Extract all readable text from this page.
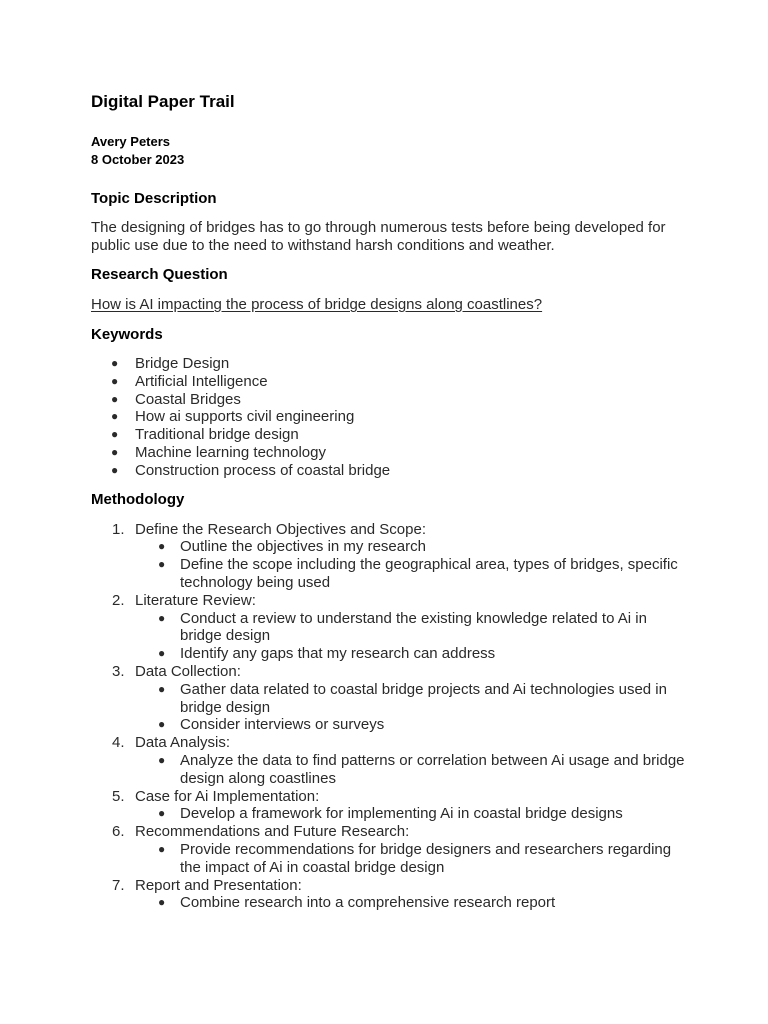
Digital Paper Trail
Avery Peters
8 October 2023
Topic Description
The designing of bridges has to go through numerous tests before being developed for public use due to the need to withstand harsh conditions and weather.
Research Question
How is AI impacting the process of bridge designs along coastlines?
Keywords
● Bridge Design
● Artificial Intelligence
● Coastal Bridges
● How ai supports civil engineering
● Traditional bridge design
● Machine learning technology
● Construction process of coastal bridge
Methodology
1. Define the Research Objectives and Scope:
● Outline the objectives in my research
● Define the scope including the geographical area, types of bridges, specific technology being used
2. Literature Review:
● Conduct a review to understand the existing knowledge related to Ai in bridge design
● Identify any gaps that my research can address
3. Data Collection:
● Gather data related to coastal bridge projects and Ai technologies used in bridge design
● Consider interviews or surveys
4. Data Analysis:
● Analyze the data to find patterns or correlation between Ai usage and bridge design along coastlines
5. Case for Ai Implementation:
● Develop a framework for implementing Ai in coastal bridge designs
6. Recommendations and Future Research:
● Provide recommendations for bridge designers and researchers regarding the impact of Ai in coastal bridge design
7. Report and Presentation:
● Combine research into a comprehensive research report
